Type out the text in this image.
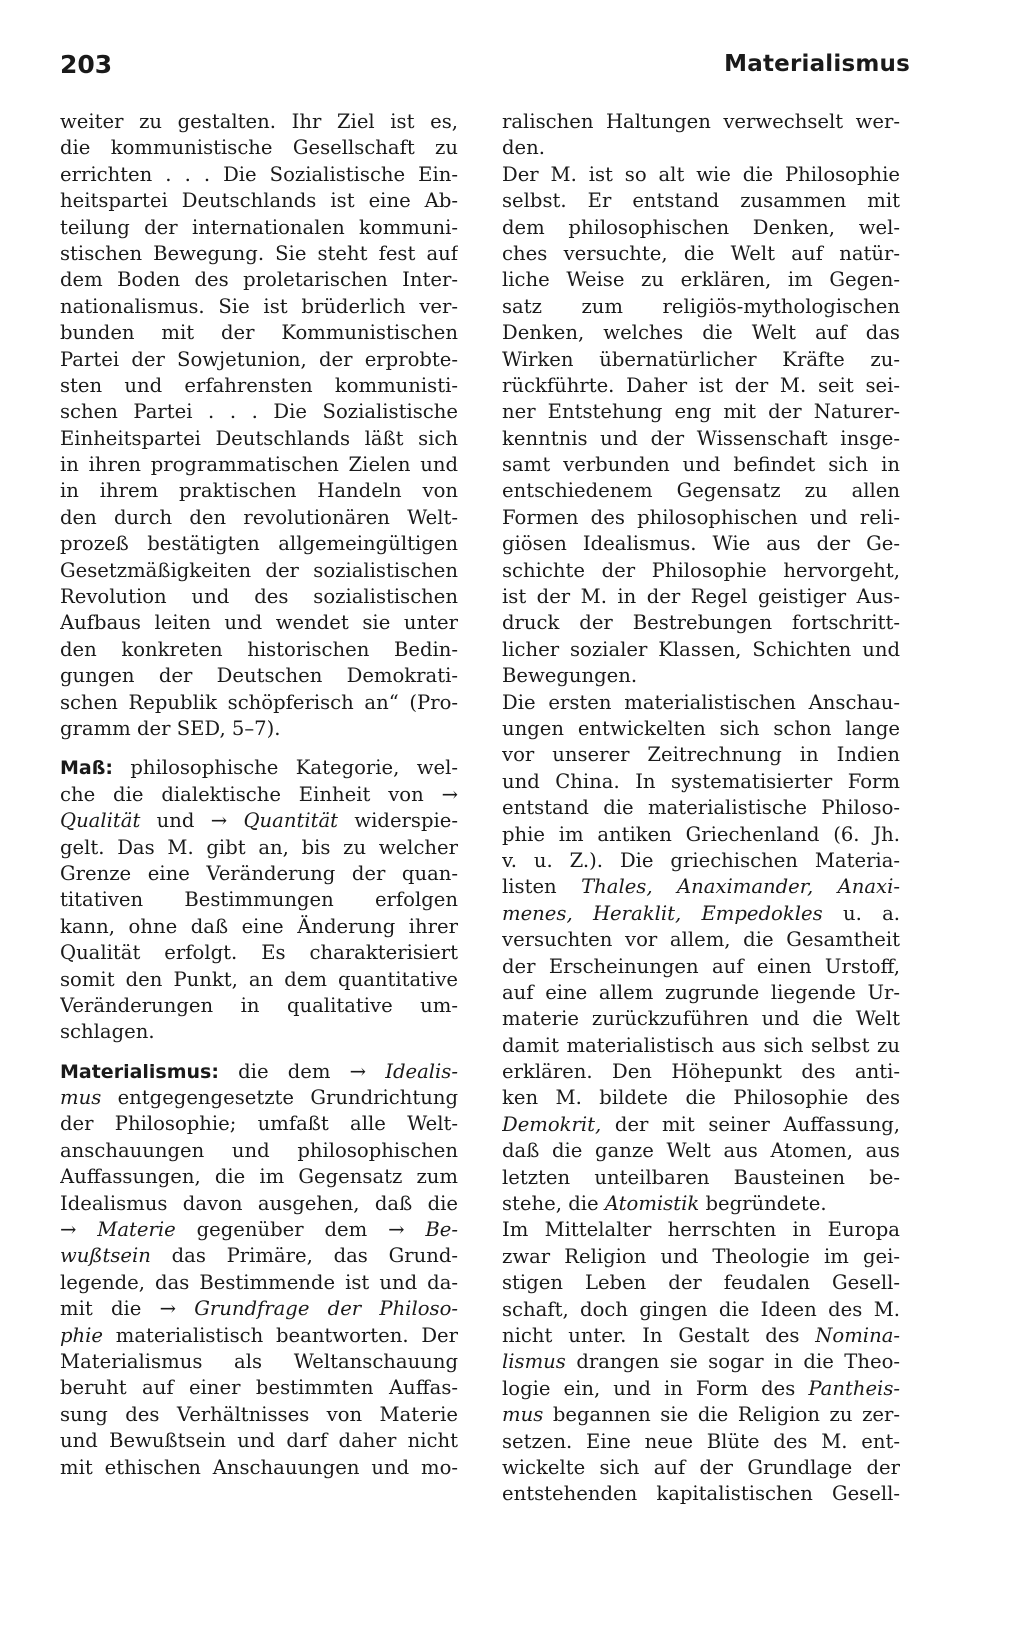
203	Materialismus
weiter zu gestalten. Ihr Ziel ist es,
die kommunistische Gesellschaft zu
errichten . . . Die Sozialistische Ein-
heitspartei Deutschlands ist eine Ab-
teilung der internationalen kommuni-
stischen Bewegung. Sie steht fest auf
dem Boden des proletarischen Inter-
nationalismus. Sie ist brüderlich ver-
bunden mit der Kommunistischen
Partei der Sowjetunion, der erprobte-
sten und erfahrensten kommunisti-
schen Partei . . . Die Sozialistische
Einheitspartei Deutschlands läßt sich
in ihren programmatischen Zielen und
in ihrem praktischen Handeln von
den durch den revolutionären Welt-
prozeß bestätigten allgemeingültigen
Gesetzmäßigkeiten der sozialistischen
Revolution und des sozialistischen
Aufbaus leiten und wendet sie unter
den konkreten historischen Bedin-
gungen der Deutschen Demokrati-
schen Republik schöpferisch an“ (Pro-
gramm der SED, 5–7).
Maß: philosophische Kategorie, wel-
che die dialektische Einheit von →
Qualität und → Quantität widerspie-
gelt. Das M. gibt an, bis zu welcher
Grenze eine Veränderung der quan-
titativen Bestimmungen erfolgen
kann, ohne daß eine Änderung ihrer
Qualität erfolgt. Es charakterisiert
somit den Punkt, an dem quantitative
Veränderungen in qualitative um-
schlagen.
Materialismus: die dem → Idealis-
mus entgegengesetzte Grundrichtung
der Philosophie; umfaßt alle Welt-
anschauungen und philosophischen
Auffassungen, die im Gegensatz zum
Idealismus davon ausgehen, daß die
→ Materie gegenüber dem → Be-
wußtsein das Primäre, das Grund-
legende, das Bestimmende ist und da-
mit die → Grundfrage der Philoso-
phie materialistisch beantworten. Der
Materialismus als Weltanschauung
beruht auf einer bestimmten Auffas-
sung des Verhältnisses von Materie
und Bewußtsein und darf daher nicht
mit ethischen Anschauungen und mo-
ralischen Haltungen verwechselt wer-
den.
Der M. ist so alt wie die Philosophie
selbst. Er entstand zusammen mit
dem philosophischen Denken, wel-
ches versuchte, die Welt auf natür-
liche Weise zu erklären, im Gegen-
satz zum religiös-mythologischen
Denken, welches die Welt auf das
Wirken übernatürlicher Kräfte zu-
rückführte. Daher ist der M. seit sei-
ner Entstehung eng mit der Naturer-
kenntnis und der Wissenschaft insge-
samt verbunden und befindet sich in
entschiedenem Gegensatz zu allen
Formen des philosophischen und reli-
giösen Idealismus. Wie aus der Ge-
schichte der Philosophie hervorgeht,
ist der M. in der Regel geistiger Aus-
druck der Bestrebungen fortschritt-
licher sozialer Klassen, Schichten und
Bewegungen.
Die ersten materialistischen Anschau-
ungen entwickelten sich schon lange
vor unserer Zeitrechnung in Indien
und China. In systematisierter Form
entstand die materialistische Philoso-
phie im antiken Griechenland (6. Jh.
v. u. Z.). Die griechischen Materia-
listen Thales, Anaximander, Anaxi-
menes, Heraklit, Empedokles u. a.
versuchten vor allem, die Gesamtheit
der Erscheinungen auf einen Urstoff,
auf eine allem zugrunde liegende Ur-
materie zurückzuführen und die Welt
damit materialistisch aus sich selbst zu
erklären. Den Höhepunkt des anti-
ken M. bildete die Philosophie des
Demokrit, der mit seiner Auffassung,
daß die ganze Welt aus Atomen, aus
letzten unteilbaren Bausteinen be-
stehe, die Atomistik begründete.
Im Mittelalter herrschten in Europa
zwar Religion und Theologie im gei-
stigen Leben der feudalen Gesell-
schaft, doch gingen die Ideen des M.
nicht unter. In Gestalt des Nomina-
lismus drangen sie sogar in die Theo-
logie ein, und in Form des Pantheis-
mus begannen sie die Religion zu zer-
setzen. Eine neue Blüte des M. ent-
wickelte sich auf der Grundlage der
entstehenden kapitalistischen Gesell-
